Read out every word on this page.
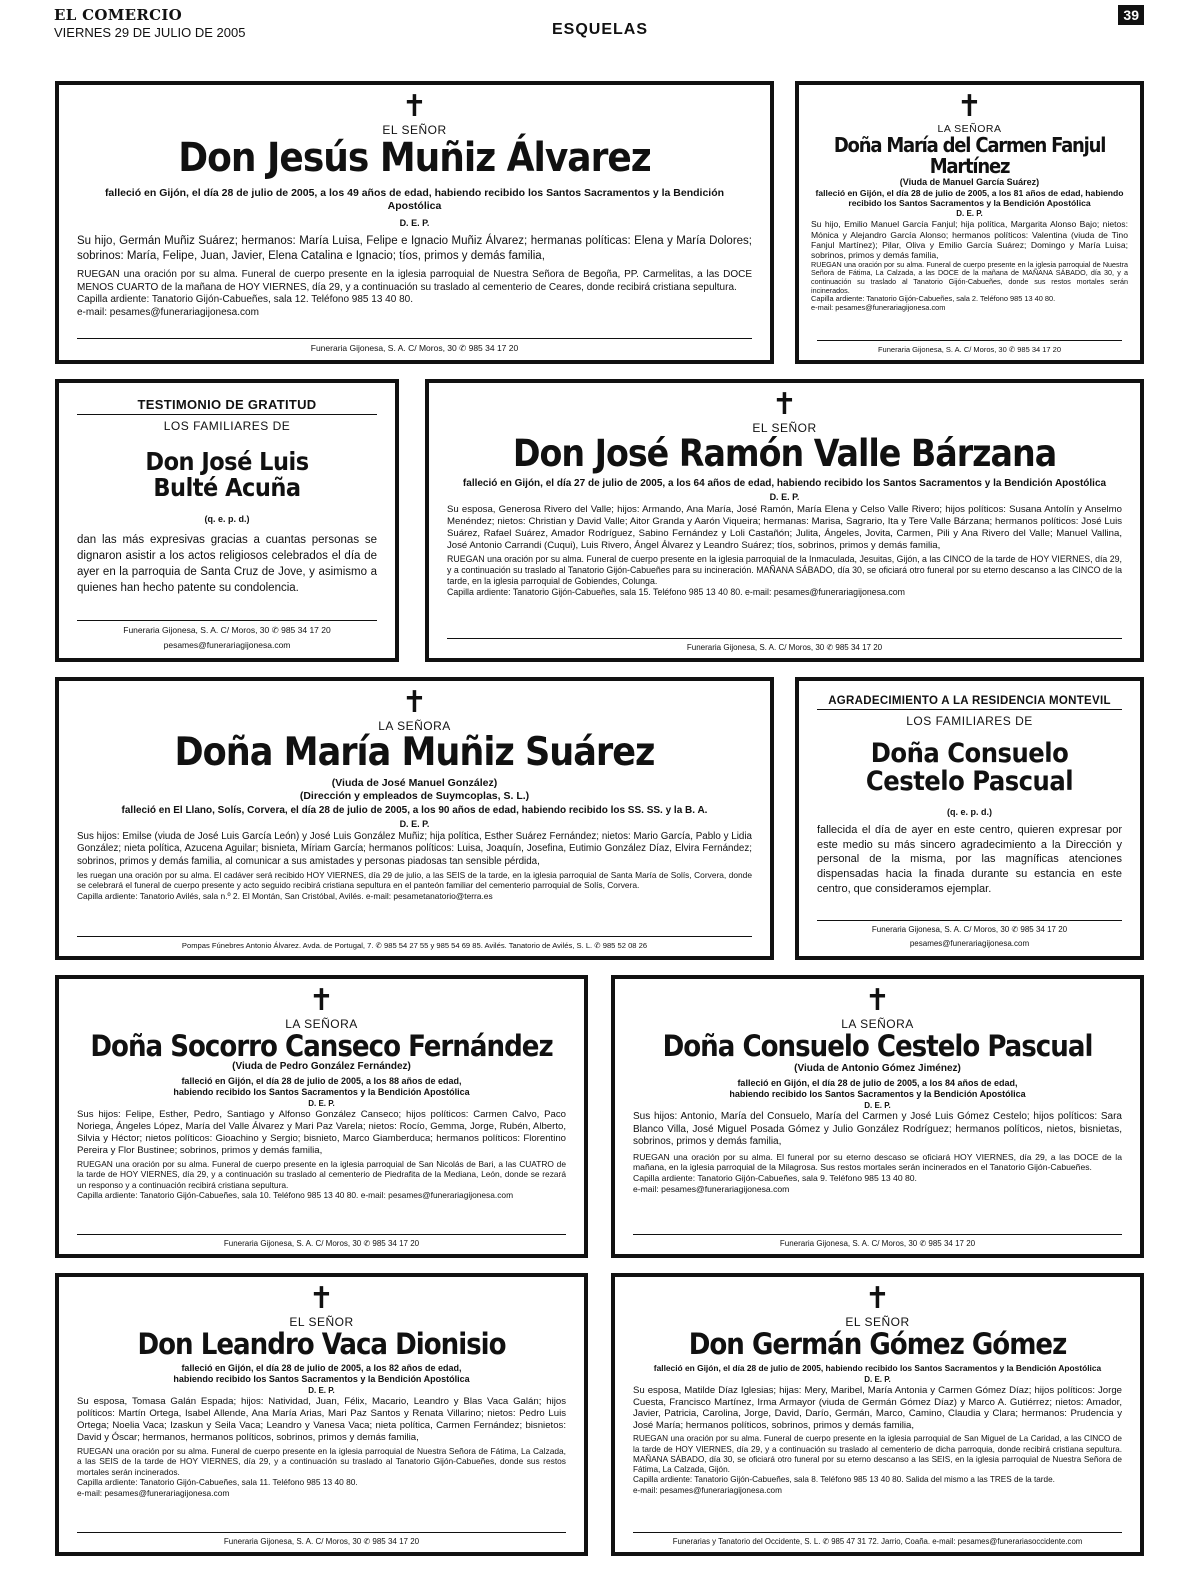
EL COMERCIO
VIERNES 29 DE JULIO DE 2005	ESQUELAS
39
✝
EL SEÑOR
Don Jesús Muñiz Álvarez
falleció en Gijón, el día 28 de julio de 2005, a los 49 años de edad, habiendo recibido los Santos Sacramentos y la Bendición Apostólica
D. E. P.
Su hijo, Germán Muñiz Suárez; hermanos: María Luisa, Felipe e Ignacio Muñiz Álvarez; hermanas políticas: Elena y María Dolores; sobrinos: María, Felipe, Juan, Javier, Elena Catalina e Ignacio; tíos, primos y demás familia,
RUEGAN una oración por su alma. Funeral de cuerpo presente en la iglesia parroquial de Nuestra Señora de Begoña, PP. Carmelitas, a las DOCE MENOS CUARTO de la mañana de HOY VIERNES, día 29, y a continuación su traslado al cementerio de Ceares, donde recibirá cristiana sepultura.
Capilla ardiente: Tanatorio Gijón-Cabueñes, sala 12. Teléfono 985 13 40 80.
e-mail: pesames@funerariagijonesa.com
Funeraria Gijonesa, S. A. C/ Moros, 30 ✆ 985 34 17 20
✝
LA SEÑORA
Doña María del Carmen Fanjul Martínez
(Viuda de Manuel García Suárez)
falleció en Gijón, el día 28 de julio de 2005, a los 81 años de edad, habiendo recibido los Santos Sacramentos y la Bendición Apostólica
D. E. P.
Su hijo, Emilio Manuel García Fanjul; hija política, Margarita Alonso Bajo; nietos: Mónica y Alejandro García Alonso; hermanos políticos: Valentina (viuda de Tino Fanjul Martínez); Pilar, Oliva y Emilio García Suárez; Domingo y María Luisa; sobrinos, primos y demás familia,
RUEGAN una oración por su alma. Funeral de cuerpo presente en la iglesia parroquial de Nuestra Señora de Fátima, La Calzada, a las DOCE de la mañana de MAÑANA SÁBADO, día 30, y a continuación su traslado al Tanatorio Gijón-Cabueñes, donde sus restos mortales serán incinerados.
Capilla ardiente: Tanatorio Gijón-Cabueñes, sala 2. Teléfono 985 13 40 80.
e-mail: pesames@funerariagijonesa.com
Funeraria Gijonesa, S. A. C/ Moros, 30 ✆ 985 34 17 20
TESTIMONIO DE GRATITUD
LOS FAMILIARES DE
Don José Luis
Bulté Acuña
(q. e. p. d.)
dan las más expresivas gracias a cuantas personas se dignaron asistir a los actos religiosos celebrados el día de ayer en la parroquia de Santa Cruz de Jove, y asimismo a quienes han hecho patente su condolencia.
Funeraria Gijonesa, S. A. C/ Moros, 30 ✆ 985 34 17 20
pesames@funerariagijonesa.com
✝
EL SEÑOR
Don José Ramón Valle Bárzana
falleció en Gijón, el día 27 de julio de 2005, a los 64 años de edad, habiendo recibido los Santos Sacramentos y la Bendición Apostólica
D. E. P.
Su esposa, Generosa Rivero del Valle; hijos: Armando, Ana María, José Ramón, María Elena y Celso Valle Rivero; hijos políticos: Susana Antolín y Anselmo Menéndez; nietos: Christian y David Valle; Aitor Granda y Aarón Viqueira; hermanas: Marisa, Sagrario, Ita y Tere Valle Bárzana; hermanos políticos: José Luis Suárez, Rafael Suárez, Amador Rodríguez, Sabino Fernández y Loli Castañón; Julita, Ángeles, Jovita, Carmen, Pili y Ana Rivero del Valle; Manuel Vallina, José Antonio Carrandi (Cuqui), Luis Rivero, Ángel Álvarez y Leandro Suárez; tíos, sobrinos, primos y demás familia,
RUEGAN una oración por su alma. Funeral de cuerpo presente en la iglesia parroquial de la Inmaculada, Jesuitas, Gijón, a las CINCO de la tarde de HOY VIERNES, día 29, y a continuación su traslado al Tanatorio Gijón-Cabueñes para su incineración. MAÑANA SÁBADO, día 30, se oficiará otro funeral por su eterno descanso a las CINCO de la tarde, en la iglesia parroquial de Gobiendes, Colunga.
Capilla ardiente: Tanatorio Gijón-Cabueñes, sala 15. Teléfono 985 13 40 80. e-mail: pesames@funerariagijonesa.com
Funeraria Gijonesa, S. A. C/ Moros, 30 ✆ 985 34 17 20
✝
LA SEÑORA
Doña María Muñiz Suárez
(Viuda de José Manuel González)
(Dirección y empleados de Suymcoplas, S. L.)
falleció en El Llano, Solís, Corvera, el día 28 de julio de 2005, a los 90 años de edad, habiendo recibido los SS. SS. y la B. A.
D. E. P.
Sus hijos: Emilse (viuda de José Luis García León) y José Luis González Muñiz; hija política, Esther Suárez Fernández; nietos: Mario García, Pablo y Lidia González; nieta política, Azucena Aguilar; bisnieta, Míriam García; hermanos políticos: Luisa, Joaquín, Josefina, Eutimio González Díaz, Elvira Fernández; sobrinos, primos y demás familia, al comunicar a sus amistades y personas piadosas tan sensible pérdida,
les ruegan una oración por su alma. El cadáver será recibido HOY VIERNES, día 29 de julio, a las SEIS de la tarde, en la iglesia parroquial de Santa María de Solís, Corvera, donde se celebrará el funeral de cuerpo presente y acto seguido recibirá cristiana sepultura en el panteón familiar del cementerio parroquial de Solís, Corvera.
Capilla ardiente: Tanatorio Avilés, sala n.º 2. El Montán, San Cristóbal, Avilés. e-mail: pesametanatorio@terra.es
Pompas Fúnebres Antonio Álvarez. Avda. de Portugal, 7. ✆ 985 54 27 55 y 985 54 69 85. Avilés. Tanatorio de Avilés, S. L. ✆ 985 52 08 26
AGRADECIMIENTO A LA RESIDENCIA MONTEVIL
LOS FAMILIARES DE
Doña Consuelo
Cestelo Pascual
(q. e. p. d.)
fallecida el día de ayer en este centro, quieren expresar por este medio su más sincero agradecimiento a la Dirección y personal de la misma, por las magníficas atenciones dispensadas hacia la finada durante su estancia en este centro, que consideramos ejemplar.
Funeraria Gijonesa, S. A. C/ Moros, 30 ✆ 985 34 17 20
pesames@funerariagijonesa.com
✝
LA SEÑORA
Doña Socorro Canseco Fernández
(Viuda de Pedro González Fernández)
falleció en Gijón, el día 28 de julio de 2005, a los 88 años de edad,
habiendo recibido los Santos Sacramentos y la Bendición Apostólica
D. E. P.
Sus hijos: Felipe, Esther, Pedro, Santiago y Alfonso González Canseco; hijos políticos: Carmen Calvo, Paco Noriega, Ángeles López, María del Valle Álvarez y Mari Paz Varela; nietos: Rocío, Gemma, Jorge, Rubén, Alberto, Silvia y Héctor; nietos políticos: Gioachino y Sergio; bisnieto, Marco Giamberduca; hermanos políticos: Florentino Pereira y Flor Bustinee; sobrinos, primos y demás familia,
RUEGAN una oración por su alma. Funeral de cuerpo presente en la iglesia parroquial de San Nicolás de Bari, a las CUATRO de la tarde de HOY VIERNES, día 29, y a continuación su traslado al cementerio de Piedrafita de la Mediana, León, donde se rezará un responso y a continuación recibirá cristiana sepultura.
Capilla ardiente: Tanatorio Gijón-Cabueñes, sala 10. Teléfono 985 13 40 80. e-mail: pesames@funerariagijonesa.com
Funeraria Gijonesa, S. A. C/ Moros, 30 ✆ 985 34 17 20
✝
LA SEÑORA
Doña Consuelo Cestelo Pascual
(Viuda de Antonio Gómez Jiménez)
falleció en Gijón, el día 28 de julio de 2005, a los 84 años de edad,
habiendo recibido los Santos Sacramentos y la Bendición Apostólica
D. E. P.
Sus hijos: Antonio, María del Consuelo, María del Carmen y José Luis Gómez Cestelo; hijos políticos: Sara Blanco Villa, José Miguel Posada Gómez y Julio González Rodríguez; hermanos políticos, nietos, bisnietas, sobrinos, primos y demás familia,
RUEGAN una oración por su alma. El funeral por su eterno descaso se oficiará HOY VIERNES, día 29, a las DOCE de la mañana, en la iglesia parroquial de la Milagrosa. Sus restos mortales serán incinerados en el Tanatorio Gijón-Cabueñes.
Capilla ardiente: Tanatorio Gijón-Cabueñes, sala 9. Teléfono 985 13 40 80.
e-mail: pesames@funerariagijonesa.com
Funeraria Gijonesa, S. A. C/ Moros, 30 ✆ 985 34 17 20
✝
EL SEÑOR
Don Leandro Vaca Dionisio
falleció en Gijón, el día 28 de julio de 2005, a los 82 años de edad,
habiendo recibido los Santos Sacramentos y la Bendición Apostólica
D. E. P.
Su esposa, Tomasa Galán Espada; hijos: Natividad, Juan, Félix, Macario, Leandro y Blas Vaca Galán; hijos políticos: Martín Ortega, Isabel Allende, Ana María Arias, Mari Paz Santos y Renata Villarino; nietos: Pedro Luis Ortega; Noelia Vaca; Izaskun y Seila Vaca; Leandro y Vanesa Vaca; nieta política, Carmen Fernández; bisnietos: David y Óscar; hermanos, hermanos políticos, sobrinos, primos y demás familia,
RUEGAN una oración por su alma. Funeral de cuerpo presente en la iglesia parroquial de Nuestra Señora de Fátima, La Calzada, a las SEIS de la tarde de HOY VIERNES, día 29, y a continuación su traslado al Tanatorio Gijón-Cabueñes, donde sus restos mortales serán incinerados.
Capilla ardiente: Tanatorio Gijón-Cabueñes, sala 11. Teléfono 985 13 40 80.
e-mail: pesames@funerariagijonesa.com
Funeraria Gijonesa, S. A. C/ Moros, 30 ✆ 985 34 17 20
✝
EL SEÑOR
Don Germán Gómez Gómez
falleció en Gijón, el día 28 de julio de 2005, habiendo recibido los Santos Sacramentos y la Bendición Apostólica
D. E. P.
Su esposa, Matilde Díaz Iglesias; hijas: Mery, Maribel, María Antonia y Carmen Gómez Díaz; hijos políticos: Jorge Cuesta, Francisco Martínez, Irma Armayor (viuda de Germán Gómez Díaz) y Marco A. Gutiérrez; nietos: Amador, Javier, Patricia, Carolina, Jorge, David, Darío, Germán, Marco, Camino, Claudia y Clara; hermanos: Prudencia y José María; hermanos políticos, sobrinos, primos y demás familia,
RUEGAN una oración por su alma. Funeral de cuerpo presente en la iglesia parroquial de San Miguel de La Caridad, a las CINCO de la tarde de HOY VIERNES, día 29, y a continuación su traslado al cementerio de dicha parroquia, donde recibirá cristiana sepultura. MAÑANA SÁBADO, día 30, se oficiará otro funeral por su eterno descanso a las SEIS, en la iglesia parroquial de Nuestra Señora de Fátima, La Calzada, Gijón.
Capilla ardiente: Tanatorio Gijón-Cabueñes, sala 8. Teléfono 985 13 40 80. Salida del mismo a las TRES de la tarde.
e-mail: pesames@funerariagijonesa.com
Funerarias y Tanatorio del Occidente, S. L. ✆ 985 47 31 72. Jarrio, Coaña. e-mail: pesames@funerariasoccidente.com
